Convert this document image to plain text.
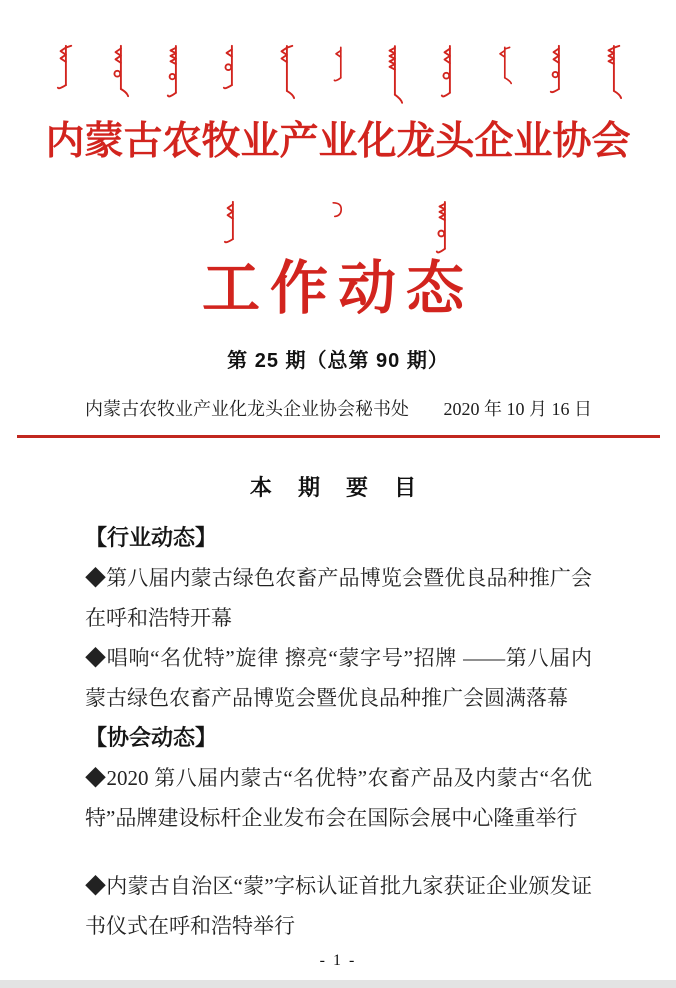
内蒙古农牧业产业化龙头企业协会
工作动态
第 25 期（总第 90 期）
内蒙古农牧业产业化龙头企业协会秘书处 2020 年 10 月 16 日
本 期 要 目
【行业动态】

◆第八届内蒙古绿色农畜产品博览会暨优良品种推广会在呼和浩特开幕

◆唱响“名优特”旋律 擦亮“蒙字号”招牌 ——第八届内蒙古绿色农畜产品博览会暨优良品种推广会圆满落幕

【协会动态】

◆2020 第八届内蒙古“名优特”农畜产品及内蒙古“名优特”品牌建设标杆企业发布会在国际会展中心隆重举行

◆内蒙古自治区“蒙”字标认证首批九家获证企业颁发证书仪式在呼和浩特举行

- 1 -
